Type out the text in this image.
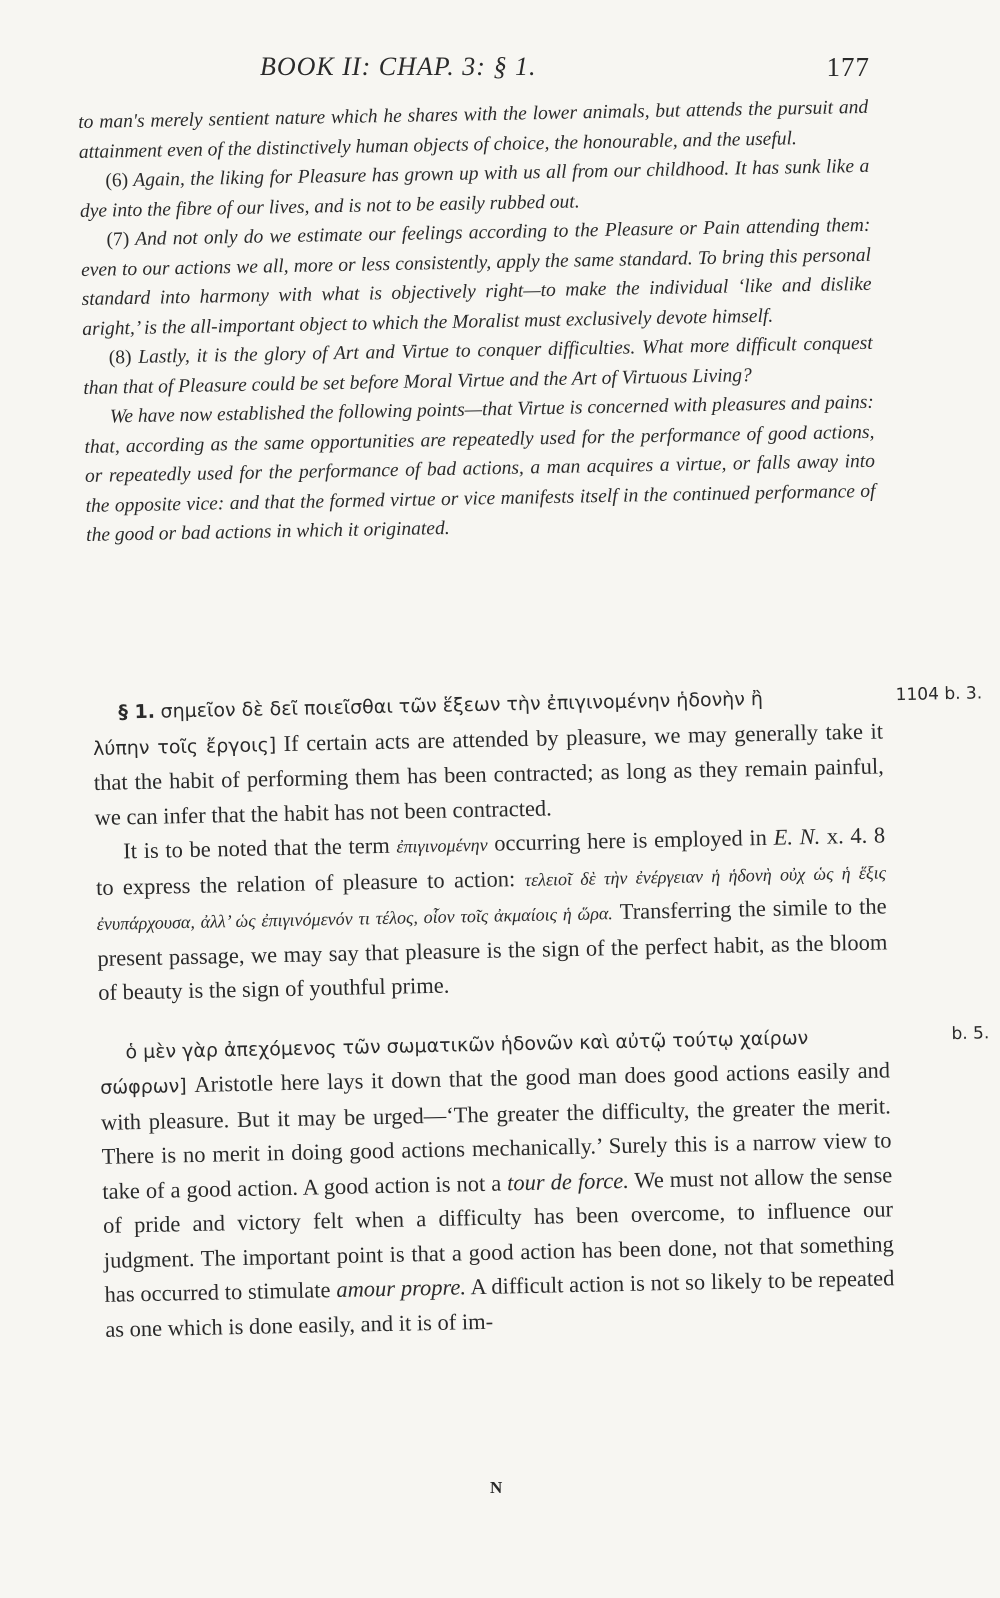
BOOK II: CHAP. 3: § 1.	177

to man's merely sentient nature which he shares with the lower animals, but attends the pursuit and attainment even of the distinctively human objects of choice, the honourable, and the useful.

(6) Again, the liking for Pleasure has grown up with us all from our childhood. It has sunk like a dye into the fibre of our lives, and is not to be easily rubbed out.

(7) And not only do we estimate our feelings according to the Pleasure or Pain attending them: even to our actions we all, more or less consistently, apply the same standard. To bring this personal standard into harmony with what is objectively right—to make the individual ‘like and dislike aright,’ is the all-important object to which the Moralist must exclusively devote himself.

(8) Lastly, it is the glory of Art and Virtue to conquer difficulties. What more difficult conquest than that of Pleasure could be set before Moral Virtue and the Art of Virtuous Living?

We have now established the following points—that Virtue is concerned with pleasures and pains: that, according as the same opportunities are repeatedly used for the performance of good actions, or repeatedly used for the performance of bad actions, a man acquires a virtue, or falls away into the opposite vice: and that the formed virtue or vice manifests itself in the continued performance of the good or bad actions in which it originated.

§ 1. σημεῖον δὲ δεῖ ποιεῖσθαι τῶν ἕξεων τὴν ἐπιγινομένην ἡδονὴν ἢ	1104 b. 3.

λύπην τοῖς ἔργοις] If certain acts are attended by pleasure, we may generally take it that the habit of performing them has been contracted; as long as they remain painful, we can infer that the habit has not been contracted.

It is to be noted that the term ἐπιγινομένην occurring here is employed in E. N. x. 4. 8 to express the relation of pleasure to action: τελειοῖ δὲ τὴν ἐνέργειαν ἡ ἡδονὴ οὐχ ὡς ἡ ἕξις ἐνυπάρχουσα, ἀλλ’ ὡς ἐπιγινόμενόν τι τέλος, οἷον τοῖς ἀκμαίοις ἡ ὥρα. Transferring the simile to the present passage, we may say that pleasure is the sign of the perfect habit, as the bloom of beauty is the sign of youthful prime.

ὁ μὲν γὰρ ἀπεχόμενος τῶν σωματικῶν ἡδονῶν καὶ αὐτῷ τούτῳ χαίρων	b. 5.

σώφρων] Aristotle here lays it down that the good man does good actions easily and with pleasure. But it may be urged—‘The greater the difficulty, the greater the merit. There is no merit in doing good actions mechanically.’ Surely this is a narrow view to take of a good action. A good action is not a tour de force. We must not allow the sense of pride and victory felt when a difficulty has been overcome, to influence our judgment. The important point is that a good action has been done, not that something has occurred to stimulate amour propre. A difficult action is not so likely to be repeated as one which is done easily, and it is of im-

N
